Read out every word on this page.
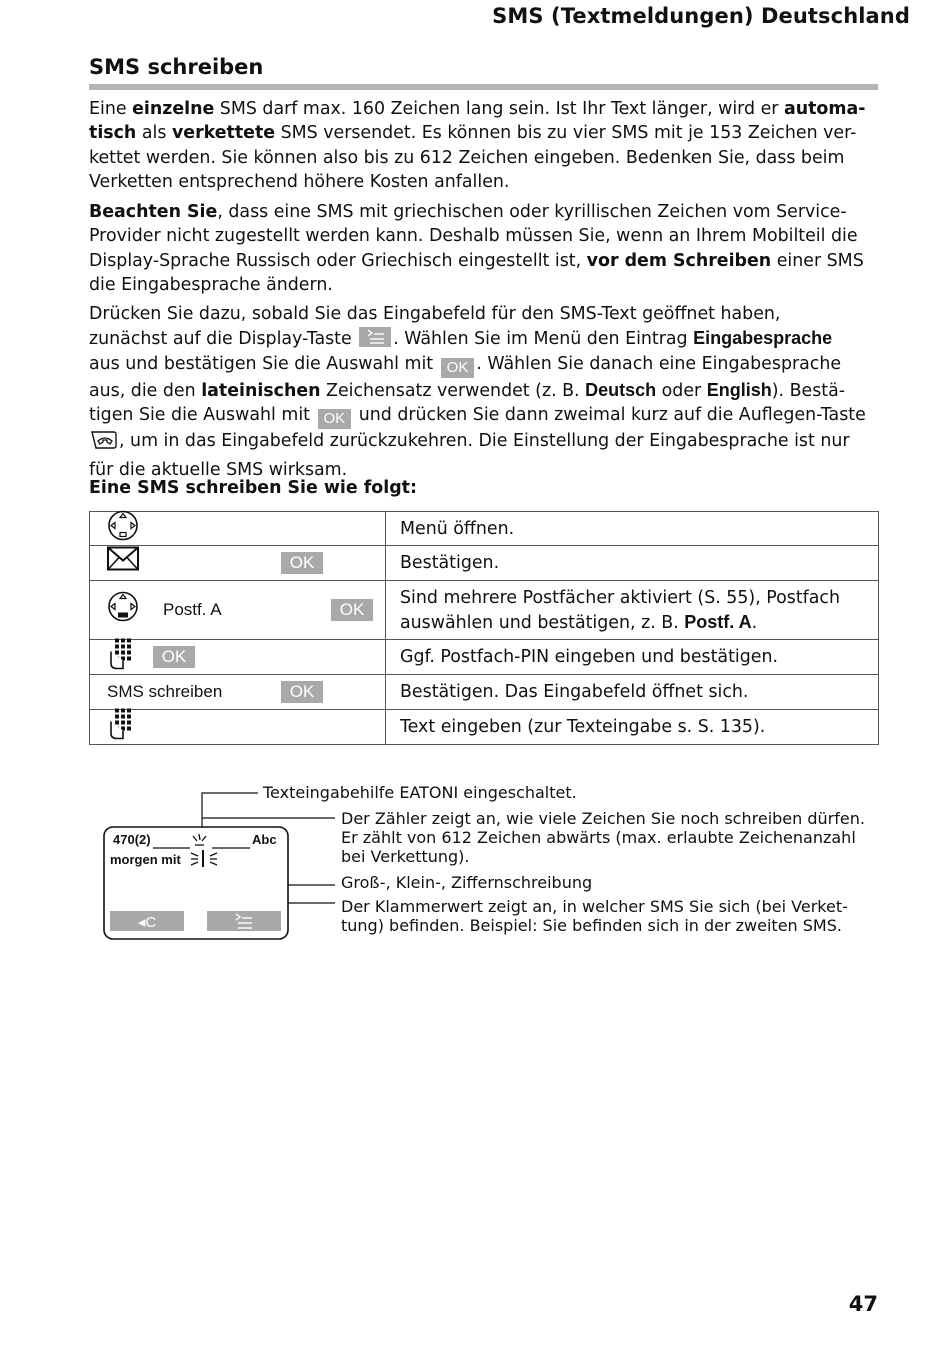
SMS (Textmeldungen) Deutschland
SMS schreiben

Eine einzelne SMS darf max. 160 Zeichen lang sein. Ist Ihr Text länger, wird er automa-
tisch als verkettete SMS versendet. Es können bis zu vier SMS mit je 153 Zeichen ver-
kettet werden. Sie können also bis zu 612 Zeichen eingeben. Bedenken Sie, dass beim
Verketten entsprechend höhere Kosten anfallen.

Beachten Sie, dass eine SMS mit griechischen oder kyrillischen Zeichen vom Service-
Provider nicht zugestellt werden kann. Deshalb müssen Sie, wenn an Ihrem Mobilteil die
Display-Sprache Russisch oder Griechisch eingestellt ist, vor dem Schreiben einer SMS
die Eingabesprache ändern.

Drücken Sie dazu, sobald Sie das Eingabefeld für den SMS-Text geöffnet haben,
zunächst auf die Display-Taste . Wählen Sie im Menü den Eintrag Eingabesprache
aus und bestätigen Sie die Auswahl mit OK . Wählen Sie danach eine Eingabesprache
aus, die den lateinischen Zeichensatz verwendet (z. B. Deutsch oder English). Bestä-
tigen Sie die Auswahl mit OK und drücken Sie dann zweimal kurz auf die Auflegen-Taste
, um in das Eingabefeld zurückzukehren. Die Einstellung der Eingabesprache ist nur
für die aktuelle SMS wirksam.

Eine SMS schreiben Sie wie folgt:
	Menü öffnen.

OK	Bestätigen.

Postf. A OK	Sind mehrere Postfächer aktiviert (S. 55), Postfach
auswählen und bestätigen, z. B. Postf. A.

OK	Ggf. Postfach-PIN eingeben und bestätigen.

SMS schreiben OK	Bestätigen. Das Eingabefeld öffnet sich.

	Text eingeben (zur Texteingabe s. S. 135).
◂C
470(2)	Abc
morgen mit
Texteingabehilfe EATONI eingeschaltet.
Der Zähler zeigt an, wie viele Zeichen Sie noch schreiben dürfen.
Er zählt von 612 Zeichen abwärts (max. erlaubte Zeichenanzahl
bei Verkettung).
Groß-, Klein-, Ziffernschreibung
Der Klammerwert zeigt an, in welcher SMS Sie sich (bei Verket-
tung) befinden. Beispiel: Sie befinden sich in der zweiten SMS.
47
